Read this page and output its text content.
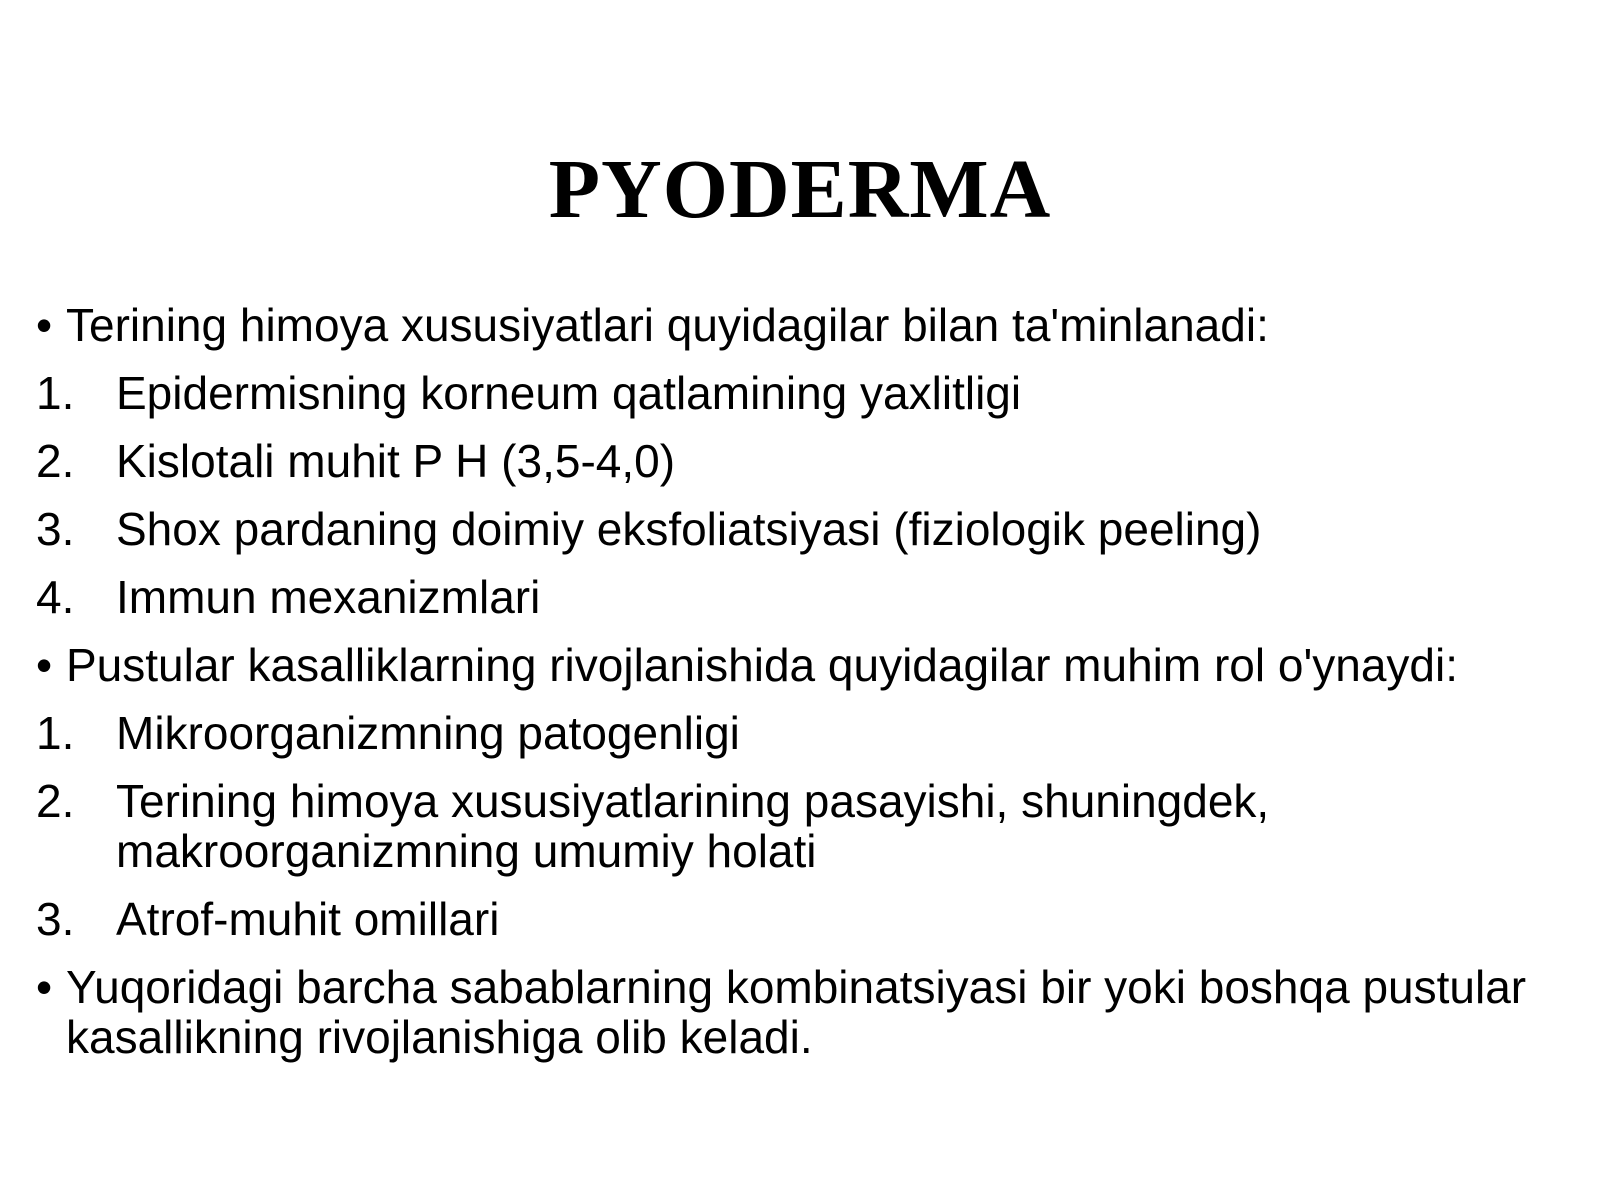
PYODERMA
• Terining himoya xususiyatlari quyidagilar bilan ta'minlanadi:
1. Epidermisning korneum qatlamining yaxlitligi
2. Kislotali muhit P H (3,5-4,0)
3. Shox pardaning doimiy eksfoliatsiyasi (fiziologik peeling)
4. Immun mexanizmlari
• Pustular kasalliklarning rivojlanishida quyidagilar muhim rol o'ynaydi:
1. Mikroorganizmning patogenligi
2. Terining himoya xususiyatlarining pasayishi, shuningdek, makroorganizmning umumiy holati
3. Atrof-muhit omillari
• Yuqoridagi barcha sabablarning kombinatsiyasi bir yoki boshqa pustular kasallikning rivojlanishiga olib keladi.
